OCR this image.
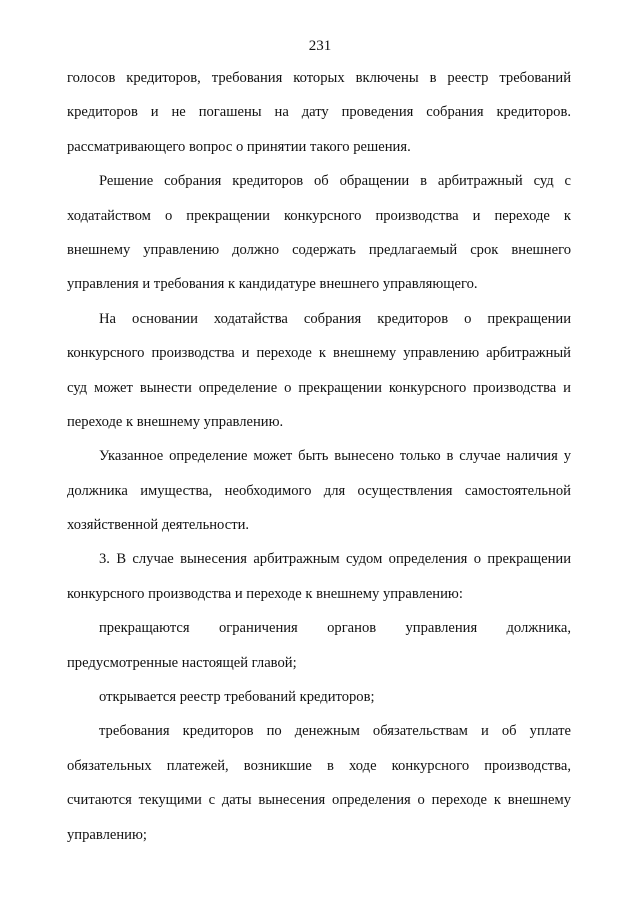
231
голосов кредиторов, требования которых включены в реестр требований
кредиторов и не погашены на дату проведения собрания кредиторов.
рассматривающего вопрос о принятии такого решения.
Решение собрания кредиторов об обращении в арбитражный суд с
ходатайством о прекращении конкурсного производства и переходе к
внешнему управлению должно содержать предлагаемый срок внешнего
управления и требования к кандидатуре внешнего управляющего.
На основании ходатайства собрания кредиторов о прекращении
конкурсного производства и переходе к внешнему управлению арбитражный
суд может вынести определение о прекращении конкурсного производства и
переходе к внешнему управлению.
Указанное определение может быть вынесено только в случае наличия у
должника имущества, необходимого для осуществления самостоятельной
хозяйственной деятельности.
3. В случае вынесения арбитражным судом определения о прекращении
конкурсного производства и переходе к внешнему управлению:
прекращаются ограничения органов управления должника,
предусмотренные настоящей главой;
открывается реестр требований кредиторов;
требования кредиторов по денежным обязательствам и об уплате
обязательных платежей, возникшие в ходе конкурсного производства,
считаются текущими с даты вынесения определения о переходе к внешнему
управлению;
